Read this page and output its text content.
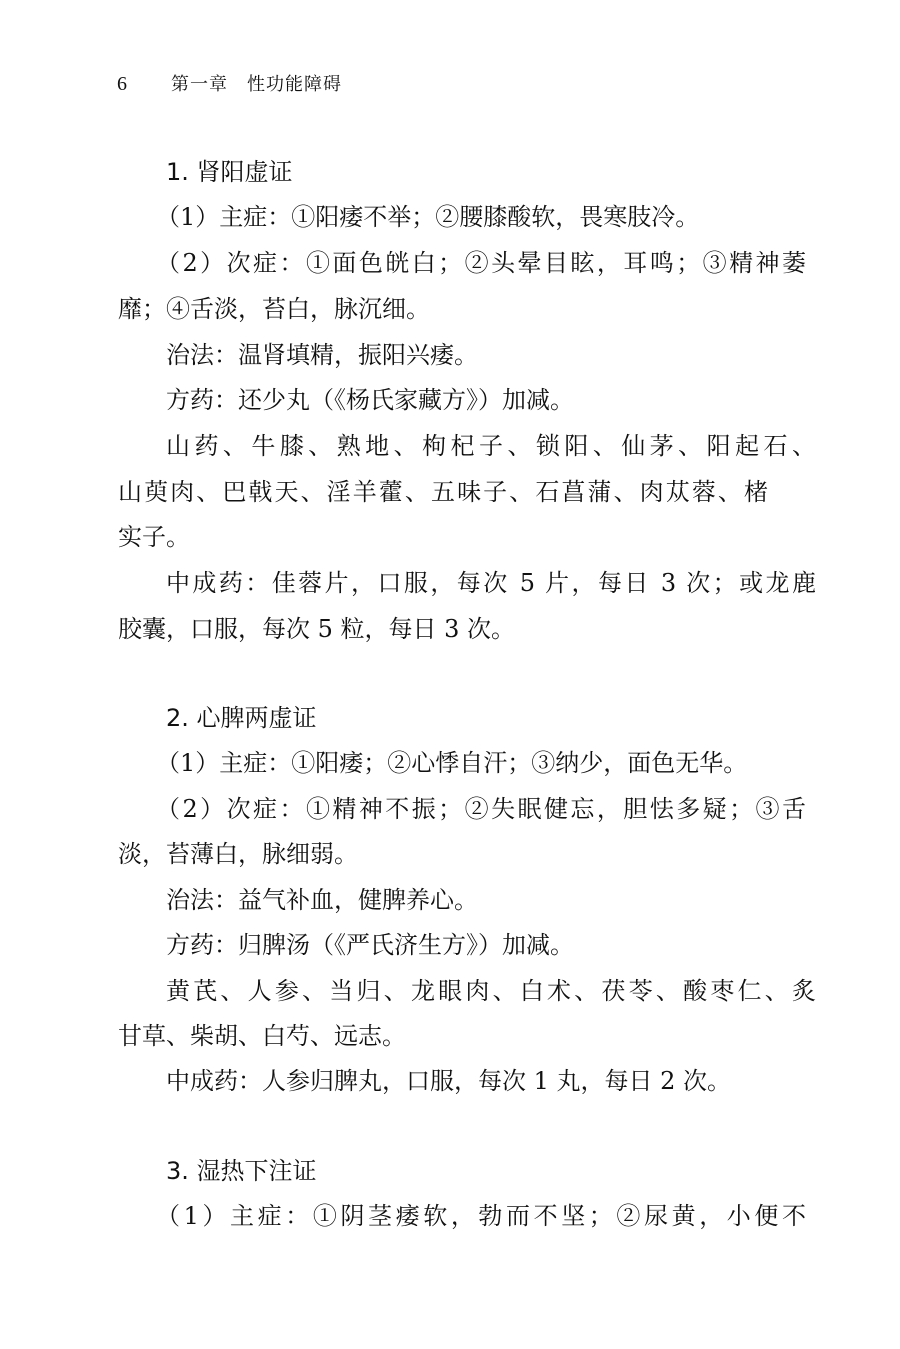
6	第一章　性功能障碍
1. 肾阳虚证
（1）主症：①阳痿不举；②腰膝酸软，畏寒肢冷。
（2）次症：①面色㿠白；②头晕目眩，耳鸣；③精神萎
靡；④舌淡，苔白，脉沉细。
治法：温肾填精，振阳兴痿。
方药：还少丸（《杨氏家藏方》）加减。
山药、牛膝、熟地、枸杞子、锁阳、仙茅、阳起石、
山萸肉、巴戟天、淫羊藿、五味子、石菖蒲、肉苁蓉、楮
实子。
中成药：佳蓉片，口服，每次 5 片，每日 3 次；或龙鹿
胶囊，口服，每次 5 粒，每日 3 次。
2. 心脾两虚证
（1）主症：①阳痿；②心悸自汗；③纳少，面色无华。
（2）次症：①精神不振；②失眠健忘，胆怯多疑；③舌
淡，苔薄白，脉细弱。
治法：益气补血，健脾养心。
方药：归脾汤（《严氏济生方》）加减。
黄芪、人参、当归、龙眼肉、白术、茯苓、酸枣仁、炙
甘草、柴胡、白芍、远志。
中成药：人参归脾丸，口服，每次 1 丸，每日 2 次。
3. 湿热下注证
（1）主症：①阴茎痿软，勃而不坚；②尿黄，小便不
